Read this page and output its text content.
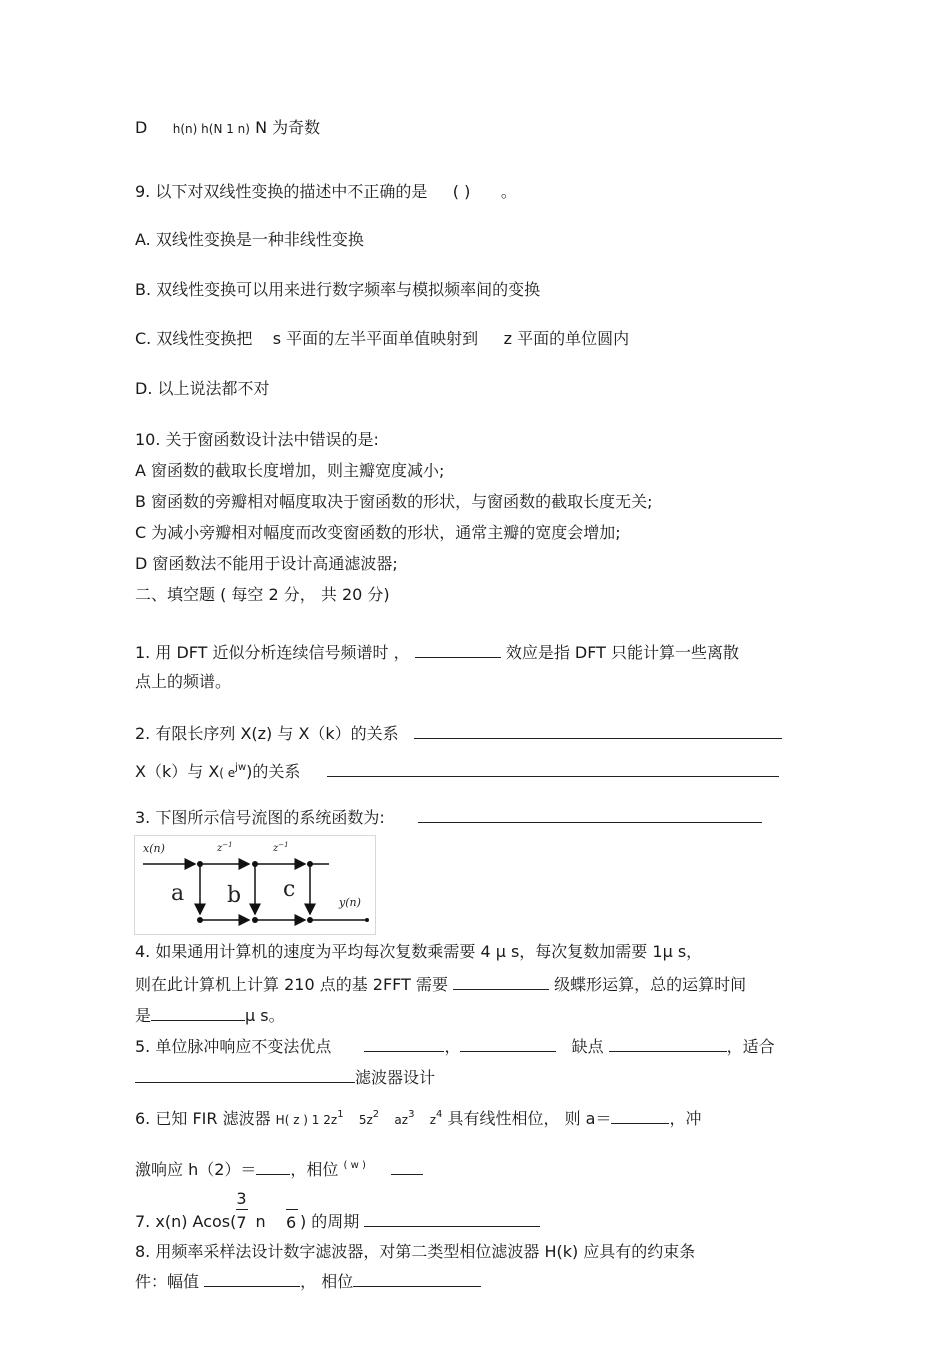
D h(n) h(N 1 n) N 为奇数
9. 以下对双线性变换的描述中不正确的是 ( ) 。
A. 双线性变换是一种非线性变换
B. 双线性变换可以用来进行数字频率与模拟频率间的变换
C. 双线性变换把 s 平面的左半平面单值映射到 z 平面的单位圆内
D. 以上说法都不对
10. 关于窗函数设计法中错误的是:
A 窗函数的截取长度增加，则主瓣宽度减小;
B 窗函数的旁瓣相对幅度取决于窗函数的形状，与窗函数的截取长度无关;
C 为减小旁瓣相对幅度而改变窗函数的形状，通常主瓣的宽度会增加;
D 窗函数法不能用于设计高通滤波器;
二、填空题 ( 每空 2 分， 共 20 分)
1. 用 DFT 近似分析连续信号频谱时 ，	效应是指 DFT 只能计算一些离散
点上的频谱。
2. 有限长序列 X(z) 与 X（k）的关系
X（k）与 X( $e^{jw}$)的关系
3. 下图所示信号流图的系统函数为:
x(n)	$z^{-1}$	$z^{-1}$
a b c
y(n)
4. 如果通用计算机的速度为平均每次复数乘需要 4 μ s，每次复数加需要 1μ s，
则在此计算机上计算 210 点的基 2FFT 需要	级蝶形运算，总的运算时间
是	μ s。
5. 单位脉冲响应不变法优点	，	缺点	，适合
滤波器设计
6. 已知 FIR 滤波器 H( z ) 1 $2z^1$ $5z^2$ $az^3$ $z^4$ 具有线性相位， 则 a＝	，冲
激响应 h（2）＝ ，相位 $^{( w )}$
7. x(n) $Acos( \frac{3}{7}$ n 6 ) 的周期
8. 用频率采样法设计数字滤波器，对第二类型相位滤波器 H(k) 应具有的约束条
件：幅值	， 相位
